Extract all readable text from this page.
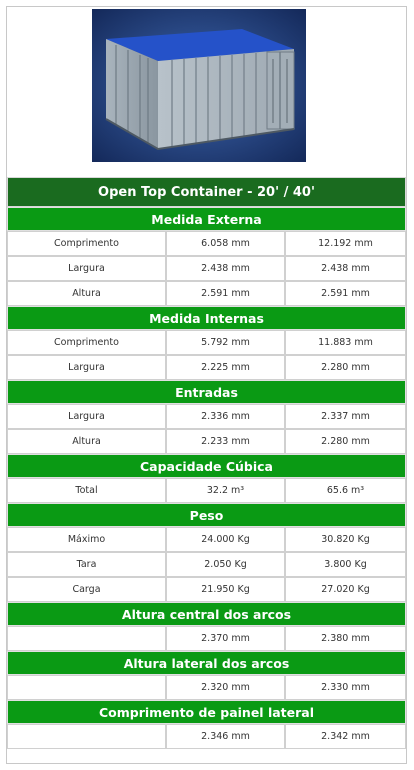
Open Top Container - 20' / 40'		
Medida Externa		
Comprimento	6.058 mm	12.192 mm
Largura	2.438 mm	2.438 mm
Altura	2.591 mm	2.591 mm
Medida Internas		
Comprimento	5.792 mm	11.883 mm
Largura	2.225 mm	2.280 mm
Entradas		
Largura	2.336 mm	2.337 mm
Altura	2.233 mm	2.280 mm
Capacidade Cúbica		
Total	32.2 m³	65.6 m³
Peso		
Máximo	24.000 Kg	30.820 Kg
Tara	2.050 Kg	3.800 Kg
Carga	21.950 Kg	27.020 Kg
Altura central dos arcos		
	2.370 mm	2.380 mm
Altura lateral dos arcos		
	2.320 mm	2.330 mm
Comprimento de painel lateral		
	2.346 mm	2.342 mm
